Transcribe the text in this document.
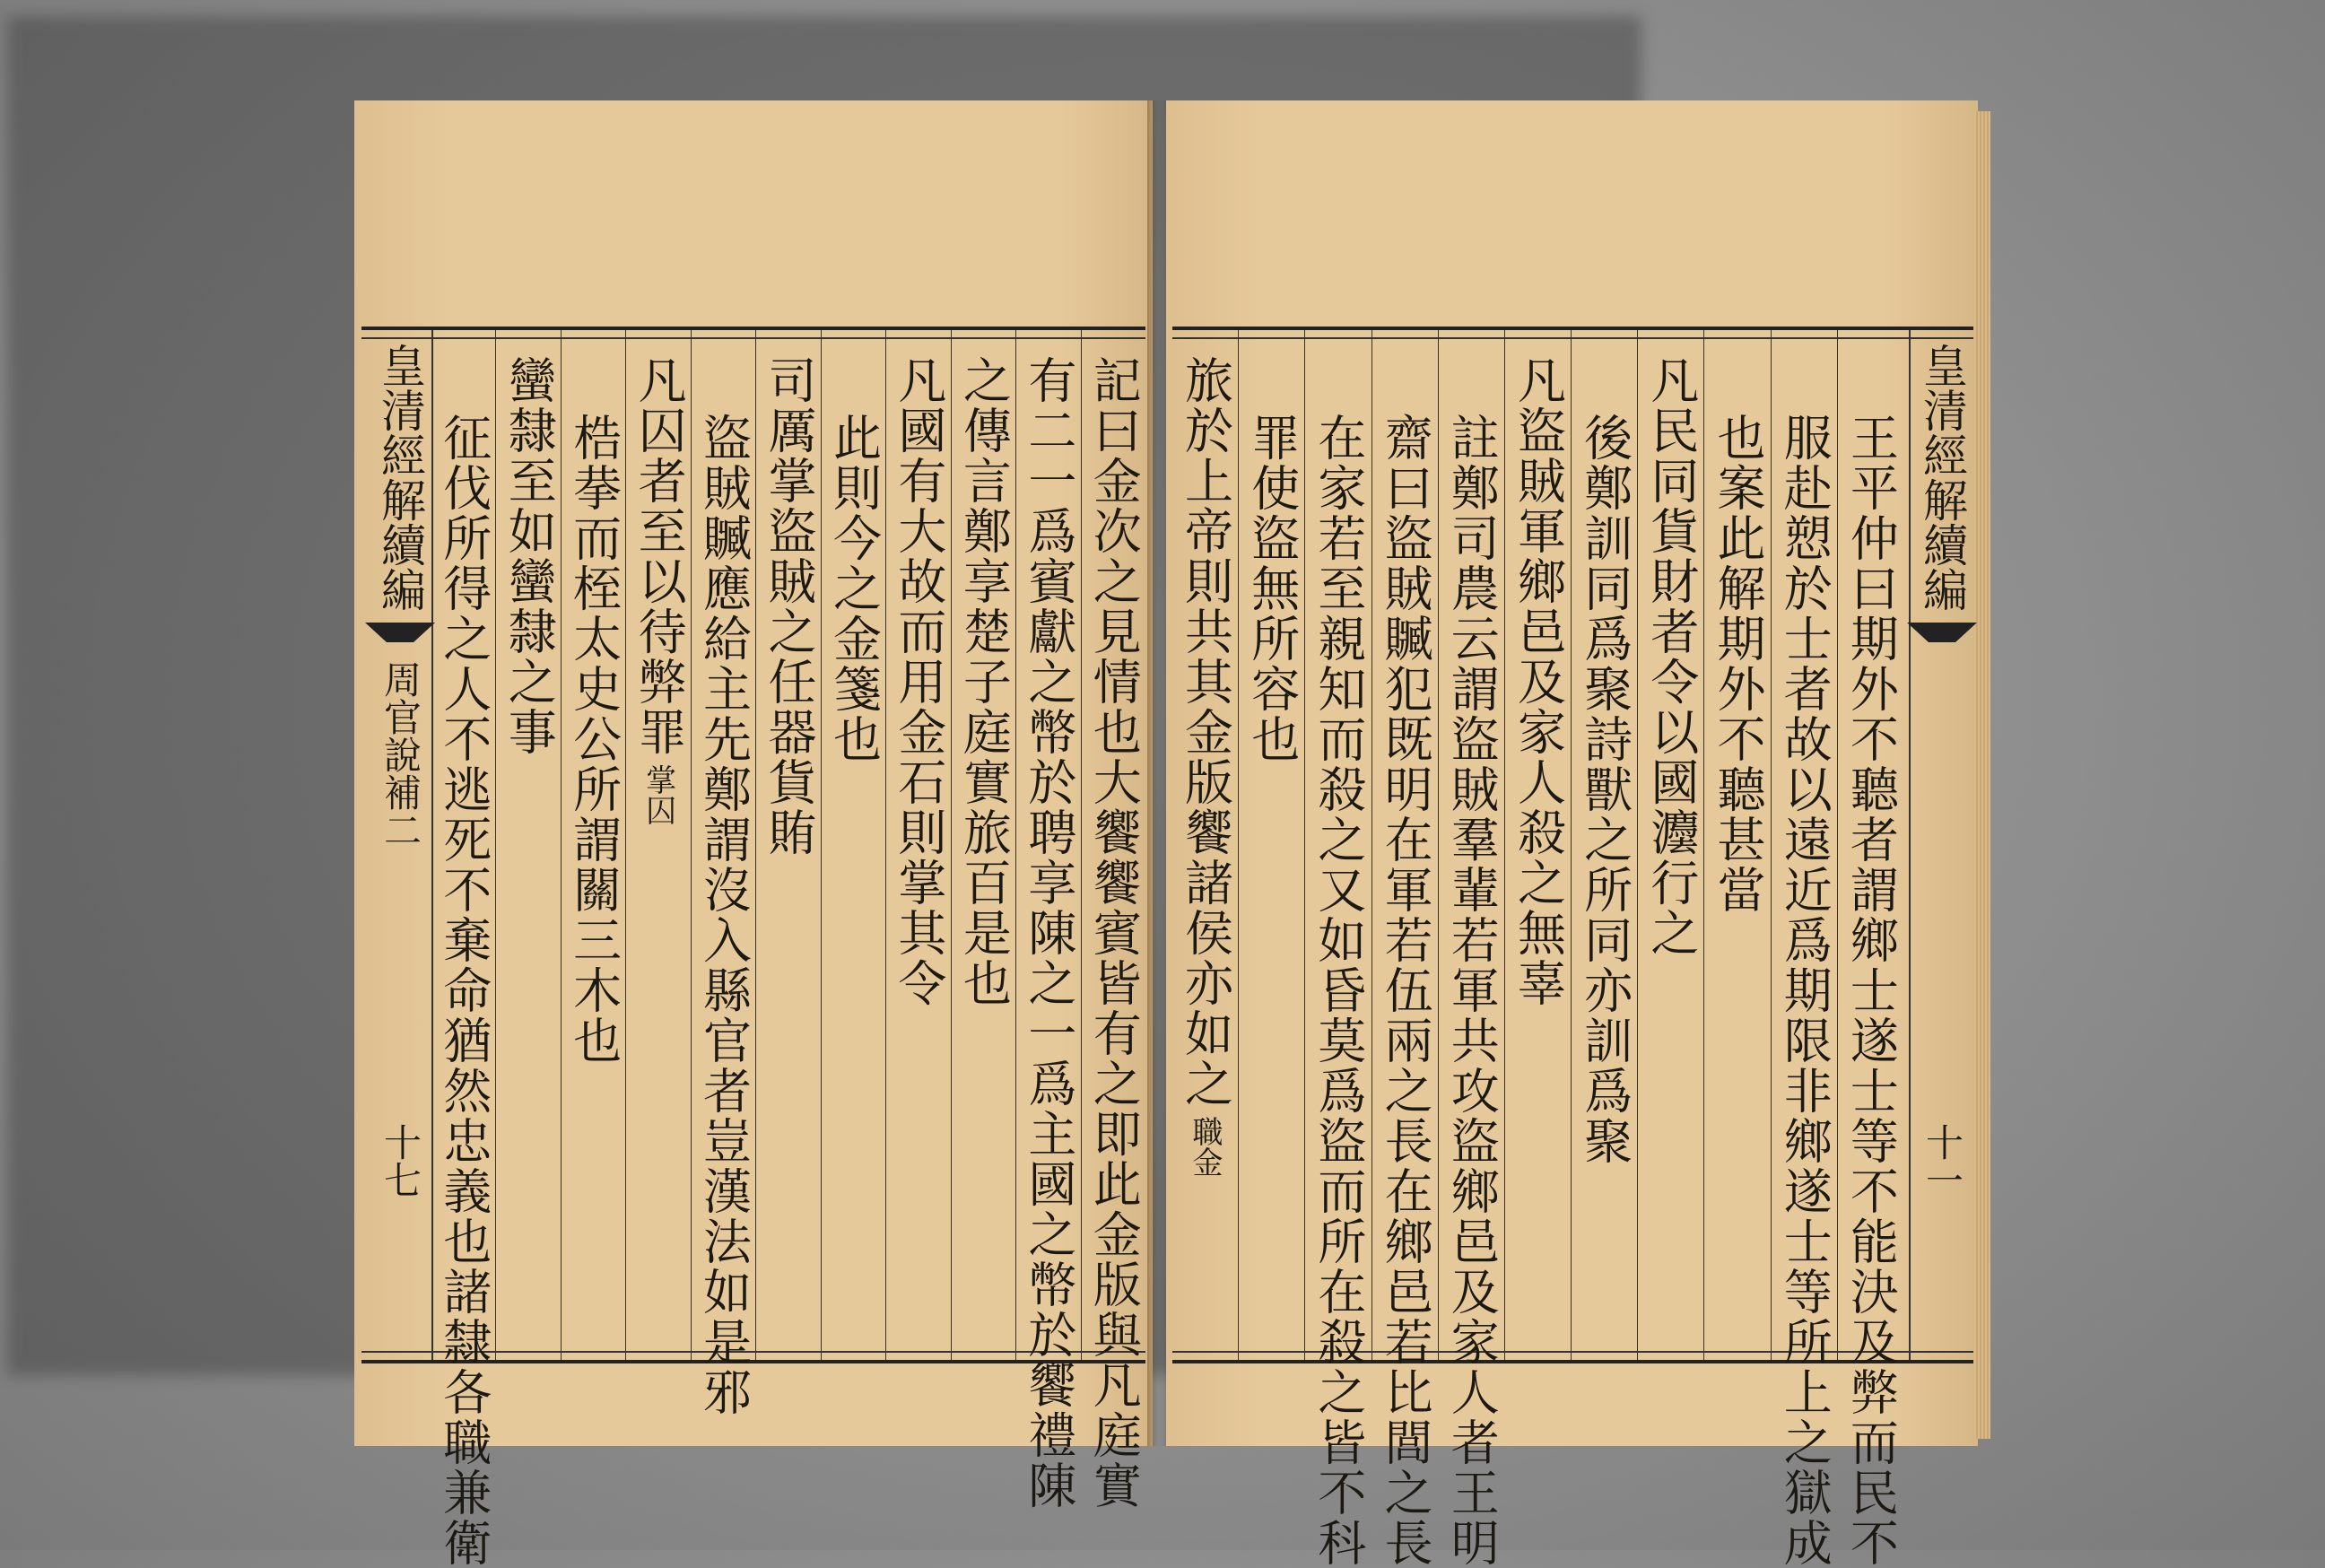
皇清經解續編
周官說補二
十七	記曰金次之見情也大饗饗賓皆有之即此金版與凡庭實
有二一爲賓獻之幣於聘享陳之一爲主國之幣於饗禮陳
之傳言鄭享楚子庭實旅百是也
凡國有大故而用金石則掌其令
此則今之金箋也
司厲掌盜賊之任器貨賄
盜賊贓應給主先鄭謂沒入縣官者豈漢法如是邪
凡囚者至以待弊罪
掌囚
梏拲而桎太史公所謂關三木也
蠻隸至如蠻隸之事
征伐所得之人不逃死不棄命猶然忠義也諸隸各職兼衛	皇清經解續編
十一
王平仲曰期外不聽者謂鄉士遂士等不能決及弊而民不
服赴愬於士者故以遠近爲期限非鄉遂士等所上之獄成
也案此解期外不聽甚當
凡民同貨財者令以國灋行之
後鄭訓同爲聚詩獸之所同亦訓爲聚
凡盜賊軍鄉邑及家人殺之無辜
註鄭司農云謂盜賊羣輩若軍共攻盜鄉邑及家人者王明
齋曰盜賊贓犯既明在軍若伍兩之長在鄉邑若比閭之長
在家若至親知而殺之又如昏莫爲盜而所在殺之皆不科
罪使盜無所容也
旅於上帝則共其金版饗諸侯亦如之
職金
